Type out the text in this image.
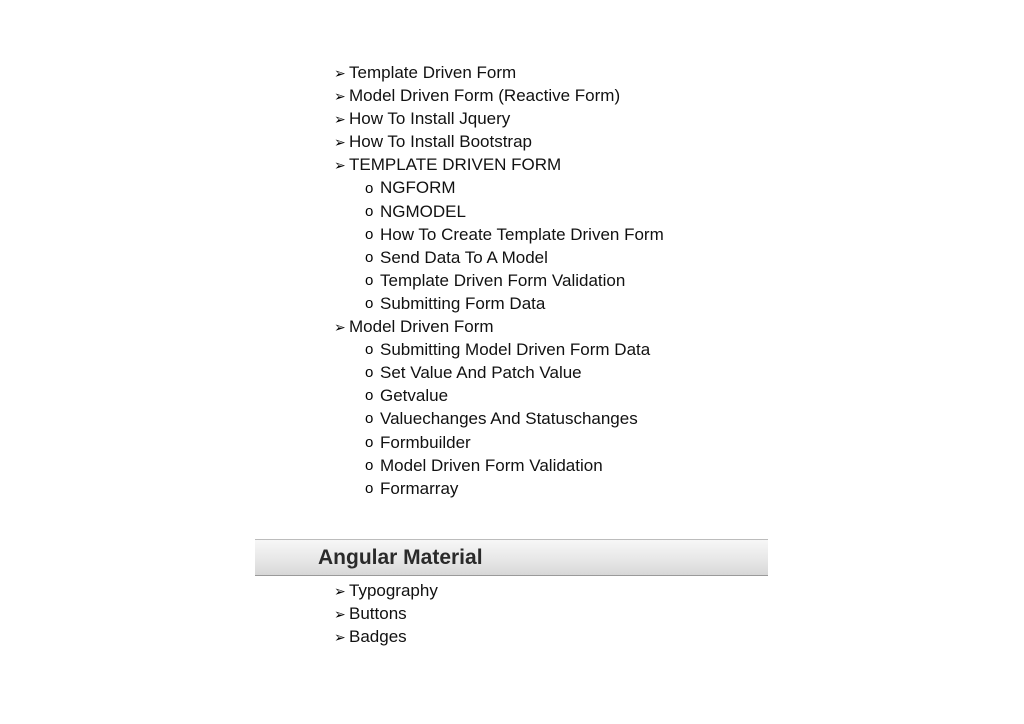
➢ Template Driven Form
➢ Model Driven Form (Reactive Form)
➢ How To Install Jquery
➢ How To Install Bootstrap
➢ TEMPLATE DRIVEN FORM
o NGFORM
o NGMODEL
o How To Create Template Driven Form
o Send Data To A Model
o Template Driven Form Validation
o Submitting Form Data
➢ Model Driven Form
o Submitting Model Driven Form Data
o Set Value And Patch Value
o Getvalue
o Valuechanges And Statuschanges
o Formbuilder
o Model Driven Form Validation
o Formarray
Angular Material
➢ Typography
➢ Buttons
➢ Badges
